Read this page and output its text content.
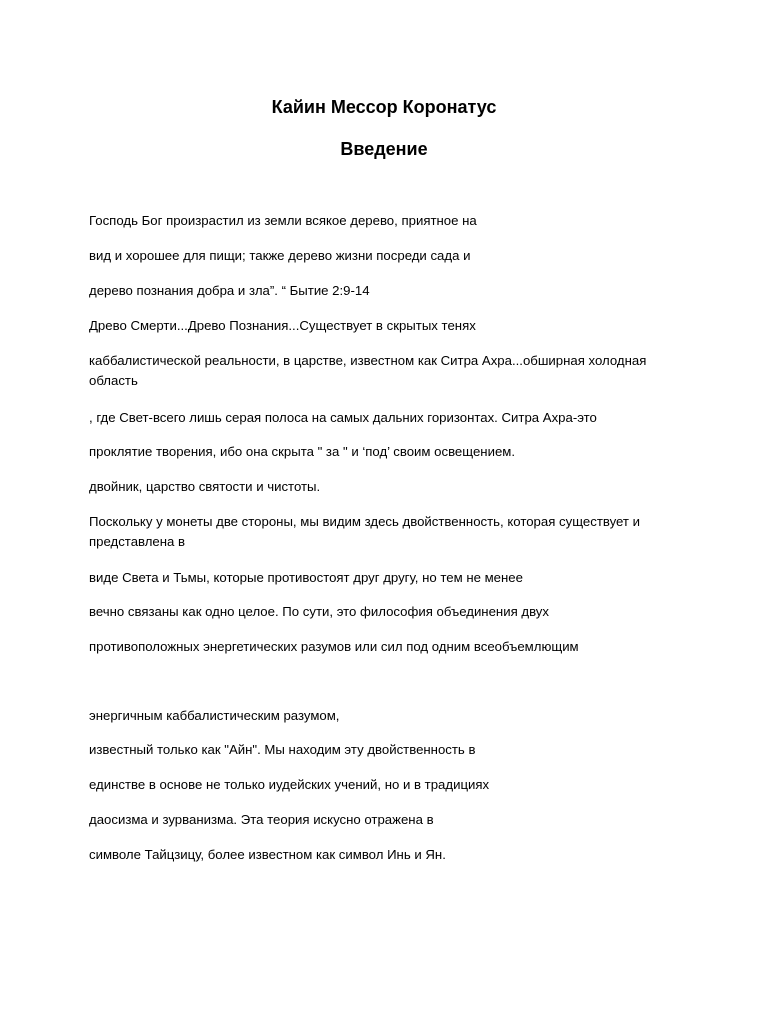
Кайин Мессор Коронатус
Введение
Господь Бог произрастил из земли всякое дерево, приятное на
вид и хорошее для пищи; также дерево жизни посреди сада и
дерево познания добра и зла”. “ Бытие 2:9-14
Древо Смерти...Древо Познания...Существует в скрытых тенях
каббалистической реальности, в царстве, известном как Ситра Ахра...обширная холодная область
, где Свет-всего лишь серая полоса на самых дальних горизонтах. Ситра Ахра-это
проклятие творения, ибо она скрыта " за " и ‘под’ своим освещением.
двойник, царство святости и чистоты.
Поскольку у монеты две стороны, мы видим здесь двойственность, которая существует и представлена в
виде Света и Тьмы, которые противостоят друг другу, но тем не менее
вечно связаны как одно целое. По сути, это философия объединения двух
противоположных энергетических разумов или сил под одним всеобъемлющим
энергичным каббалистическим разумом,
известный только как "Айн". Мы находим эту двойственность в
единстве в основе не только иудейских учений, но и в традициях
даосизма и зурванизма. Эта теория искусно отражена в
символе Тайцзицу, более известном как символ Инь и Ян.
